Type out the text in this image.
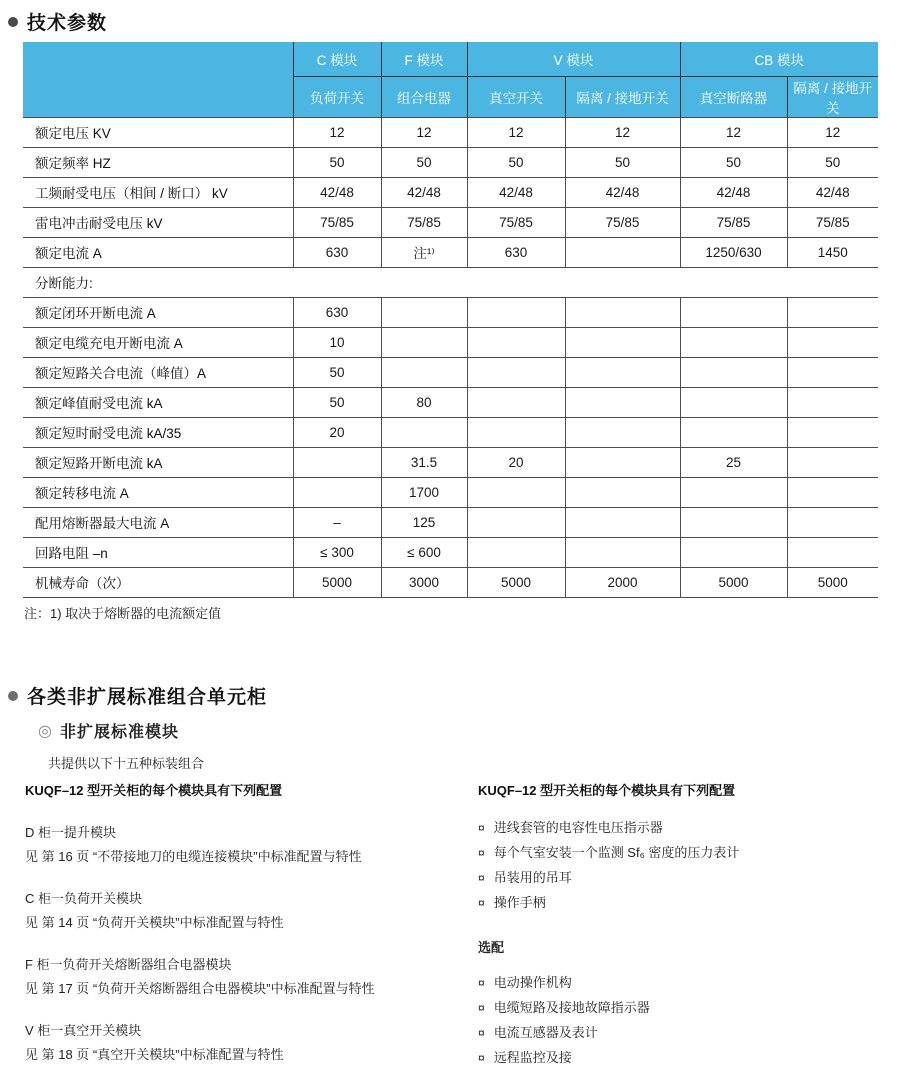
技术参数
	C 模块	F 模块	V 模块		CB 模块	
	负荷开关	组合电器	真空开关	隔离 / 接地开关	真空断路器	隔离 / 接地开关
额定电压 KV	12	12	12	12	12	12
额定频率 HZ	50	50	50	50	50	50
工频耐受电压（相间 / 断口） kV	42/48	42/48	42/48	42/48	42/48	42/48
雷电冲击耐受电压 kV	75/85	75/85	75/85	75/85	75/85	75/85
额定电流 A	630	注¹⁾	630		1250/630	1450
分断能力:						
额定闭环开断电流 A	630					
额定电缆充电开断电流 A	10					
额定短路关合电流（峰值）A	50					
额定峰值耐受电流 kA	50	80				
额定短时耐受电流 kA/35	20					
额定短路开断电流 kA		31.5	20		25	
额定转移电流 A		1700				
配用熔断器最大电流 A	–	125				
回路电阻 –n	≤ 300	≤ 600				
机械寿命（次）	5000	3000	5000	2000	5000	5000
注：1) 取决于熔断器的电流额定值
各类非扩展标准组合单元柜
◎ 非扩展标准模块
共提供以下十五种标装组合
KUQF–12 型开关柜的每个模块具有下列配置
D 柜一提升模块
见 第 16 页 “不带接地刀的电缆连接模块”中标准配置与特性
C 柜一负荷开关模块
见 第 14 页 “负荷开关模块”中标准配置与特性
F 柜一负荷开关熔断器组合电器模块
见 第 17 页 “负荷开关熔断器组合电器模块”中标准配置与特性
V 柜一真空开关模块
见 第 18 页 “真空开关模块”中标准配置与特性
KUQF–12 型开关柜的每个模块具有下列配置
¤ 进线套管的电容性电压指示器
¤ 每个气室安装一个监测 Sf₆ 密度的压力表计
¤ 吊装用的吊耳
¤ 操作手柄
选配
¤ 电动操作机构
¤ 电缆短路及接地故障指示器
¤ 电流互感器及表计
¤ 远程监控及接
